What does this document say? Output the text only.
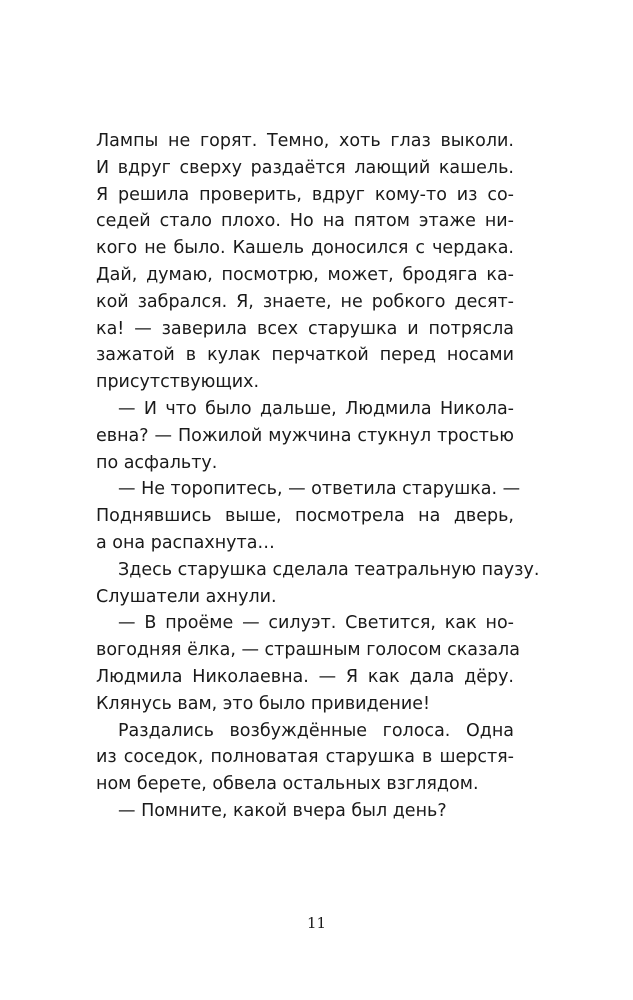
Лампы не горят. Темно, хоть глаз выколи.
И вдруг сверху раздаётся лающий кашель.
Я решила проверить, вдруг кому-то из со-
седей стало плохо. Но на пятом этаже ни-
кого не было. Кашель доносился с чердака.
Дай, думаю, посмотрю, может, бродяга ка-
кой забрался. Я, знаете, не робкого десят-
ка! — заверила всех старушка и потрясла
зажатой в кулак перчаткой перед носами
присутствующих.
— И что было дальше, Людмила Никола-
евна? — Пожилой мужчина стукнул тростью
по асфальту.
— Не торопитесь, — ответила старушка. —
Поднявшись выше, посмотрела на дверь,
а она распахнута…
Здесь старушка сделала театральную паузу.
Слушатели ахнули.
— В проёме — силуэт. Светится, как но-
вогодняя ёлка, — страшным голосом сказала
Людмила Николаевна. — Я как дала дёру.
Клянусь вам, это было привидение!
Раздались возбуждённые голоса. Одна
из соседок, полноватая старушка в шерстя-
ном берете, обвела остальных взглядом.
— Помните, какой вчера был день?
11
